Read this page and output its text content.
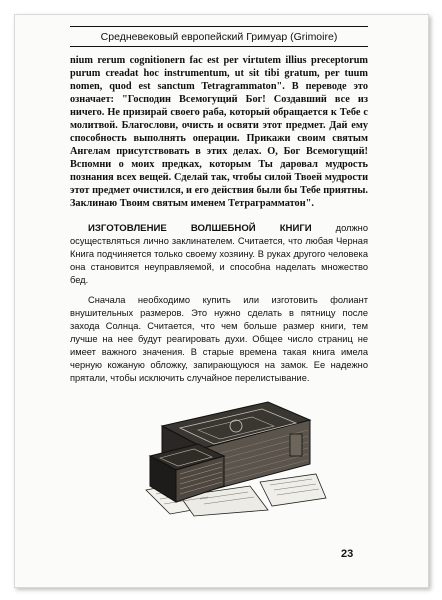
Средневековый европейский Гримуар (Grimoire)

nium rerum cognitionern fac est per virtutem illius preceptorum purum creadat hoc instrumentum, ut sit tibi gratum, per tuum nomen, quod est sanctum Tetragrammaton". В переводе это означает: "Господин Всемогущий Бог! Создавший все из ничего. Не призирай своего раба, который обращается к Тебе с молитвой. Благослови, очисть и освяти этот предмет. Дай ему способность выполнять операции. Прикажи своим святым Ангелам присутствовать в этих делах. О, Бог Всемогущий! Вспомни о моих предках, которым Ты даровал мудрость познания всех вещей. Сделай так, чтобы силой Твоей мудрости этот предмет очистился, и его действия были бы Тебе приятны. Заклинаю Твоим святым именем Тетраграмматон".

ИЗГОТОВЛЕНИЕ ВОЛШЕБНОЙ КНИГИ должно осуществляться лично заклинателем. Считается, что любая Черная Книга подчиняется только своему хозяину. В руках другого человека она становится неуправляемой, и способна наделать множество бед.

Сначала необходимо купить или изготовить фолиант внушительных размеров. Это нужно сделать в пятницу после захода Солнца. Считается, что чем больше размер книги, тем лучше на нее будут реагировать духи. Общее число страниц не имеет важного значения. В старые времена такая книга имела черную кожаную обложку, запирающуюся на замок. Ее надежно прятали, чтобы исключить случайное перелистывание.

23
